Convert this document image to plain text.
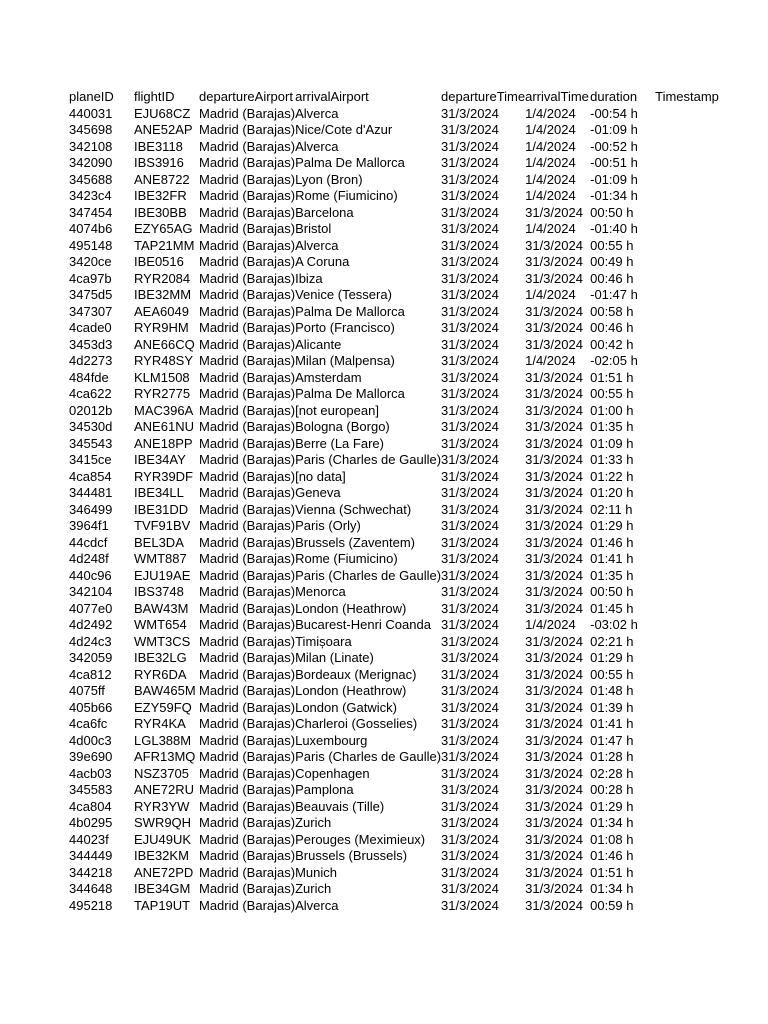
planeID	flightID	departureAirport	arrivalAirport	departureTime	arrivalTime	duration	Timestamp
440031	EJU68CZ	Madrid (Barajas)	Alverca	31/3/2024	1/4/2024	-00:54 h	
345698	ANE52AP	Madrid (Barajas)	Nice/Cote d'Azur	31/3/2024	1/4/2024	-01:09 h	
342108	IBE3118	Madrid (Barajas)	Alverca	31/3/2024	1/4/2024	-00:52 h	
342090	IBS3916	Madrid (Barajas)	Palma De Mallorca	31/3/2024	1/4/2024	-00:51 h	
345688	ANE8722	Madrid (Barajas)	Lyon (Bron)	31/3/2024	1/4/2024	-01:09 h	
3423c4	IBE32FR	Madrid (Barajas)	Rome (Fiumicino)	31/3/2024	1/4/2024	-01:34 h	
347454	IBE30BB	Madrid (Barajas)	Barcelona	31/3/2024	31/3/2024	00:50 h	
4074b6	EZY65AG	Madrid (Barajas)	Bristol	31/3/2024	1/4/2024	-01:40 h	
495148	TAP21MM	Madrid (Barajas)	Alverca	31/3/2024	31/3/2024	00:55 h	
3420ce	IBE0516	Madrid (Barajas)	A Coruna	31/3/2024	31/3/2024	00:49 h	
4ca97b	RYR2084	Madrid (Barajas)	Ibiza	31/3/2024	31/3/2024	00:46 h	
3475d5	IBE32MM	Madrid (Barajas)	Venice (Tessera)	31/3/2024	1/4/2024	-01:47 h	
347307	AEA6049	Madrid (Barajas)	Palma De Mallorca	31/3/2024	31/3/2024	00:58 h	
4cade0	RYR9HM	Madrid (Barajas)	Porto (Francisco)	31/3/2024	31/3/2024	00:46 h	
3453d3	ANE66CQ	Madrid (Barajas)	Alicante	31/3/2024	31/3/2024	00:42 h	
4d2273	RYR48SY	Madrid (Barajas)	Milan (Malpensa)	31/3/2024	1/4/2024	-02:05 h	
484fde	KLM1508	Madrid (Barajas)	Amsterdam	31/3/2024	31/3/2024	01:51 h	
4ca622	RYR2775	Madrid (Barajas)	Palma De Mallorca	31/3/2024	31/3/2024	00:55 h	
02012b	MAC396A	Madrid (Barajas)	[not european]	31/3/2024	31/3/2024	01:00 h	
34530d	ANE61NU	Madrid (Barajas)	Bologna (Borgo)	31/3/2024	31/3/2024	01:35 h	
345543	ANE18PP	Madrid (Barajas)	Berre (La Fare)	31/3/2024	31/3/2024	01:09 h	
3415ce	IBE34AY	Madrid (Barajas)	Paris (Charles de Gaulle)	31/3/2024	31/3/2024	01:33 h	
4ca854	RYR39DF	Madrid (Barajas)	[no data]	31/3/2024	31/3/2024	01:22 h	
344481	IBE34LL	Madrid (Barajas)	Geneva	31/3/2024	31/3/2024	01:20 h	
346499	IBE31DD	Madrid (Barajas)	Vienna (Schwechat)	31/3/2024	31/3/2024	02:11 h	
3964f1	TVF91BV	Madrid (Barajas)	Paris (Orly)	31/3/2024	31/3/2024	01:29 h	
44cdcf	BEL3DA	Madrid (Barajas)	Brussels (Zaventem)	31/3/2024	31/3/2024	01:46 h	
4d248f	WMT887	Madrid (Barajas)	Rome (Fiumicino)	31/3/2024	31/3/2024	01:41 h	
440c96	EJU19AE	Madrid (Barajas)	Paris (Charles de Gaulle)	31/3/2024	31/3/2024	01:35 h	
342104	IBS3748	Madrid (Barajas)	Menorca	31/3/2024	31/3/2024	00:50 h	
4077e0	BAW43M	Madrid (Barajas)	London (Heathrow)	31/3/2024	31/3/2024	01:45 h	
4d2492	WMT654	Madrid (Barajas)	Bucarest-Henri Coanda	31/3/2024	1/4/2024	-03:02 h	
4d24c3	WMT3CS	Madrid (Barajas)	Timișoara	31/3/2024	31/3/2024	02:21 h	
342059	IBE32LG	Madrid (Barajas)	Milan (Linate)	31/3/2024	31/3/2024	01:29 h	
4ca812	RYR6DA	Madrid (Barajas)	Bordeaux (Merignac)	31/3/2024	31/3/2024	00:55 h	
4075ff	BAW465M	Madrid (Barajas)	London (Heathrow)	31/3/2024	31/3/2024	01:48 h	
405b66	EZY59FQ	Madrid (Barajas)	London (Gatwick)	31/3/2024	31/3/2024	01:39 h	
4ca6fc	RYR4KA	Madrid (Barajas)	Charleroi (Gosselies)	31/3/2024	31/3/2024	01:41 h	
4d00c3	LGL388M	Madrid (Barajas)	Luxembourg	31/3/2024	31/3/2024	01:47 h	
39e690	AFR13MQ	Madrid (Barajas)	Paris (Charles de Gaulle)	31/3/2024	31/3/2024	01:28 h	
4acb03	NSZ3705	Madrid (Barajas)	Copenhagen	31/3/2024	31/3/2024	02:28 h	
345583	ANE72RU	Madrid (Barajas)	Pamplona	31/3/2024	31/3/2024	00:28 h	
4ca804	RYR3YW	Madrid (Barajas)	Beauvais (Tille)	31/3/2024	31/3/2024	01:29 h	
4b0295	SWR9QH	Madrid (Barajas)	Zurich	31/3/2024	31/3/2024	01:34 h	
44023f	EJU49UK	Madrid (Barajas)	Perouges (Meximieux)	31/3/2024	31/3/2024	01:08 h	
344449	IBE32KM	Madrid (Barajas)	Brussels (Brussels)	31/3/2024	31/3/2024	01:46 h	
344218	ANE72PD	Madrid (Barajas)	Munich	31/3/2024	31/3/2024	01:51 h	
344648	IBE34GM	Madrid (Barajas)	Zurich	31/3/2024	31/3/2024	01:34 h	
495218	TAP19UT	Madrid (Barajas)	Alverca	31/3/2024	31/3/2024	00:59 h	
